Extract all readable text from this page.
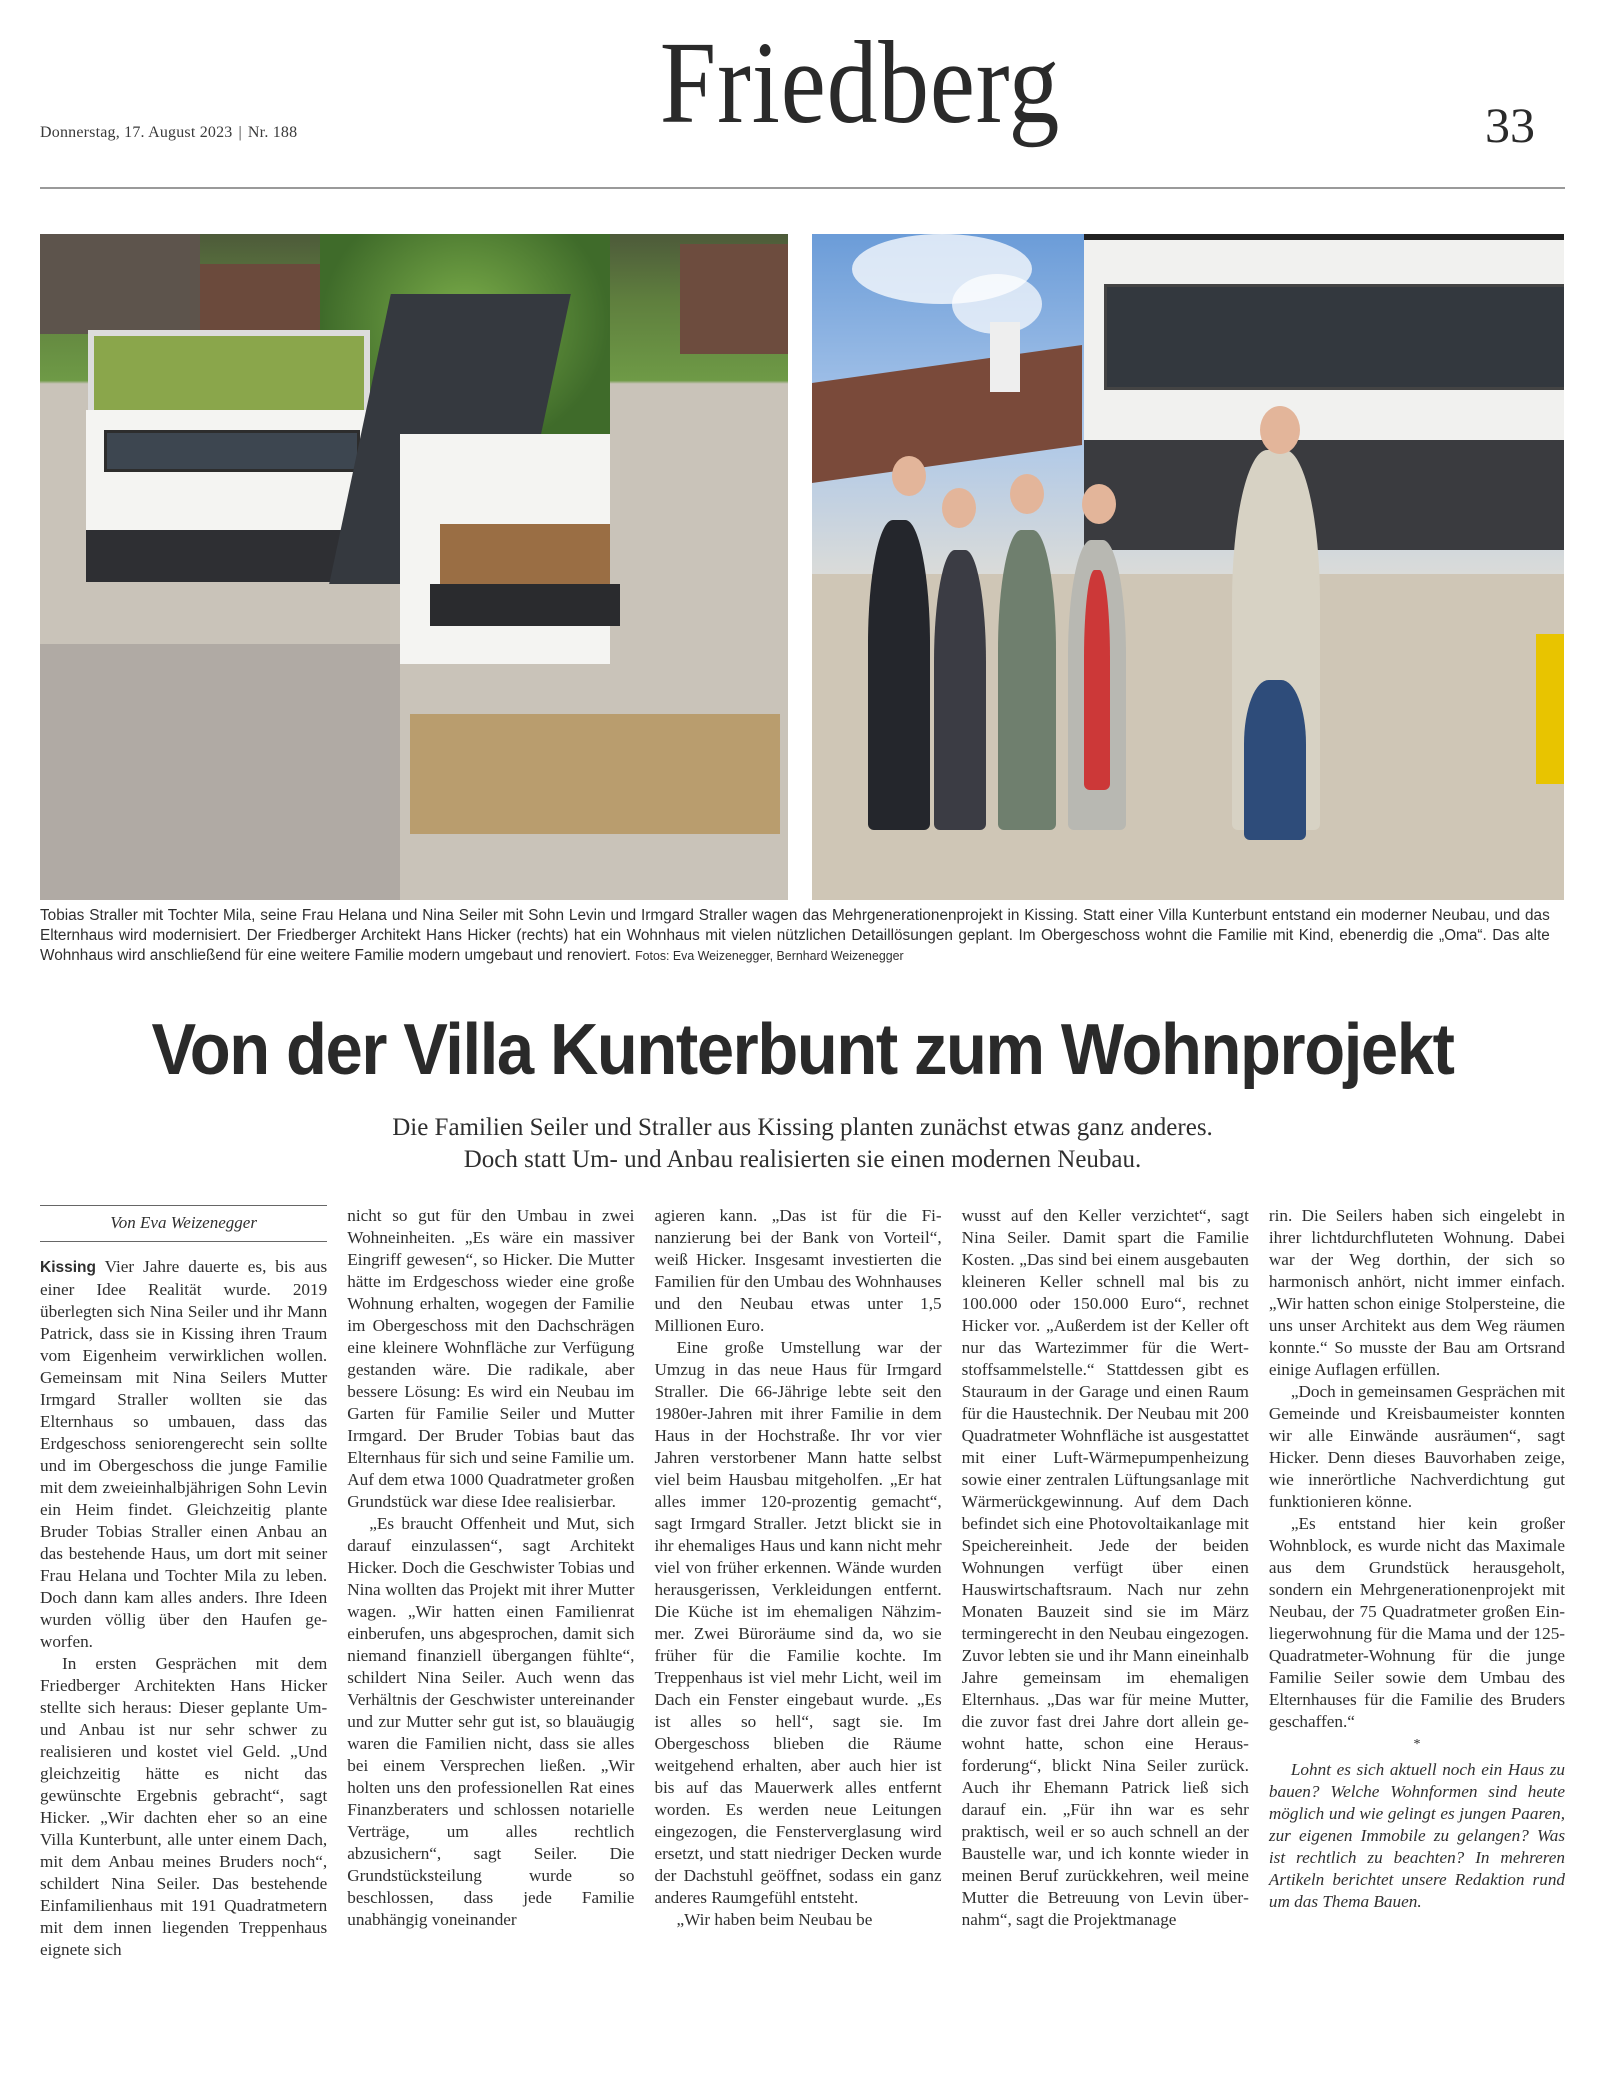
Donnerstag, 17. August 2023 | Nr. 188	Friedberg	33
Tobias Straller mit Tochter Mila, seine Frau Helana und Nina Seiler mit Sohn Levin und Irmgard Straller wagen das Mehrgenerationenprojekt in Kissing. Statt einer Villa Kunterbunt entstand ein moderner Neubau, und das Elternhaus wird modernisiert. Der Friedberger Architekt Hans Hicker (rechts) hat ein Wohnhaus mit vielen nützlichen Detaillösungen geplant. Im Obergeschoss wohnt die Familie mit Kind, ebenerdig die „Oma“. Das alte Wohnhaus wird anschließend für eine weitere Familie modern umgebaut und renoviert. Fotos: Eva Weizenegger, Bernhard Weizenegger
Von der Villa Kunterbunt zum Wohnprojekt
Die Familien Seiler und Straller aus Kissing planten zunächst etwas ganz anderes.
Doch statt Um- und Anbau realisierten sie einen modernen Neubau.
Von Eva Weizenegger

Kissing Vier Jahre dauerte es, bis aus einer Idee Realität wurde. 2019 überlegten sich Nina Seiler und ihr Mann Patrick, dass sie in Kissing ihren Traum vom Eigenheim verwirklichen wollen. Gemeinsam mit Nina Seilers Mutter Irmgard Straller wollten sie das Elternhaus so umbauen, dass das Erdgeschoss seniorengerecht sein sollte und im Obergeschoss die junge Familie mit dem zweieinhalbjährigen Sohn Levin ein Heim findet. Gleichzeitig plante Bruder Tobias Straller einen Anbau an das bestehende Haus, um dort mit seiner Frau Helana und Tochter Mila zu leben. Doch dann kam alles anders. Ihre Ideen wurden völlig über den Haufen geworfen.

In ersten Gesprächen mit dem Friedberger Architekten Hans Hicker stellte sich heraus: Dieser geplante Um- und Anbau ist nur sehr schwer zu realisieren und kostet viel Geld. „Und gleichzeitig hätte es nicht das gewünschte Ergebnis gebracht“, sagt Hicker. „Wir dachten eher so an eine Villa Kunterbunt, alle unter einem Dach, mit dem Anbau meines Bruders noch“, schildert Nina Seiler. Das bestehende Einfamilienhaus mit 191 Quadratmetern mit dem innen liegenden Treppenhaus eignete sich

nicht so gut für den Umbau in zwei Wohneinheiten. „Es wäre ein massiver Eingriff gewesen“, so Hicker. Die Mutter hätte im Erdgeschoss wieder eine große Wohnung erhalten, wogegen der Familie im Obergeschoss mit den Dachschrägen eine kleinere Wohnfläche zur Verfügung gestanden wäre. Die radikale, aber bessere Lösung: Es wird ein Neubau im Garten für Familie Seiler und Mutter Irmgard. Der Bruder Tobias baut das Elternhaus für sich und seine Familie um. Auf dem etwa 1000 Quadratmeter großen Grundstück war diese Idee realisierbar.

„Es braucht Offenheit und Mut, sich darauf einzulassen“, sagt Architekt Hicker. Doch die Geschwister Tobias und Nina wollten das Projekt mit ihrer Mutter wagen. „Wir hatten einen Familienrat einberufen, uns abgesprochen, damit sich niemand finanziell übergangen fühlte“, schildert Nina Seiler. Auch wenn das Verhältnis der Geschwister untereinander und zur Mutter sehr gut ist, so blauäugig waren die Familien nicht, dass sie alles bei einem Versprechen ließen. „Wir holten uns den professionellen Rat eines Finanzberaters und schlossen notarielle Verträge, um alles rechtlich abzusichern“, sagt Seiler. Die Grundstücksteilung wurde so beschlossen, dass jede Familie unabhängig voneinander

agieren kann. „Das ist für die Finanzierung bei der Bank von Vorteil“, weiß Hicker. Insgesamt investierten die Familien für den Umbau des Wohnhauses und den Neubau etwas unter 1,5 Millionen Euro.

Eine große Umstellung war der Umzug in das neue Haus für Irmgard Straller. Die 66-Jährige lebte seit den 1980er-Jahren mit ihrer Familie in dem Haus in der Hochstraße. Ihr vor vier Jahren verstorbener Mann hatte selbst viel beim Hausbau mitgeholfen. „Er hat alles immer 120-prozentig gemacht“, sagt Irmgard Straller. Jetzt blickt sie in ihr ehemaliges Haus und kann nicht mehr viel von früher erkennen. Wände wurden herausgerissen, Verkleidungen entfernt. Die Küche ist im ehemaligen Nähzimmer. Zwei Büroräume sind da, wo sie früher für die Familie kochte. Im Treppenhaus ist viel mehr Licht, weil im Dach ein Fenster eingebaut wurde. „Es ist alles so hell“, sagt sie. Im Obergeschoss blieben die Räume weitgehend erhalten, aber auch hier ist bis auf das Mauerwerk alles entfernt worden. Es werden neue Leitungen eingezogen, die Fensterverglasung wird ersetzt, und statt niedriger Decken wurde der Dachstuhl geöffnet, sodass ein ganz anderes Raumgefühl entsteht.

„Wir haben beim Neubau be

wusst auf den Keller verzichtet“, sagt Nina Seiler. Damit spart die Familie Kosten. „Das sind bei einem ausgebauten kleineren Keller schnell mal bis zu 100.000 oder 150.000 Euro“, rechnet Hicker vor. „Außerdem ist der Keller oft nur das Wartezimmer für die Wertstoffsammelstelle.“ Stattdessen gibt es Stauraum in der Garage und einen Raum für die Haustechnik. Der Neubau mit 200 Quadratmeter Wohnfläche ist ausgestattet mit einer Luft-Wärmepumpenheizung sowie einer zentralen Lüftungsanlage mit Wärmerückgewinnung. Auf dem Dach befindet sich eine Photovoltaikanlage mit Speichereinheit. Jede der beiden Wohnungen verfügt über einen Hauswirtschaftsraum. Nach nur zehn Monaten Bauzeit sind sie im März termingerecht in den Neubau eingezogen. Zuvor lebten sie und ihr Mann eineinhalb Jahre gemeinsam im ehemaligen Elternhaus. „Das war für meine Mutter, die zuvor fast drei Jahre dort allein gewohnt hatte, schon eine Herausforderung“, blickt Nina Seiler zurück. Auch ihr Ehemann Patrick ließ sich darauf ein. „Für ihn war es sehr praktisch, weil er so auch schnell an der Baustelle war, und ich konnte wieder in meinen Beruf zurückkehren, weil meine Mutter die Betreuung von Levin übernahm“, sagt die Projektmanage

rin. Die Seilers haben sich eingelebt in ihrer lichtdurchfluteten Wohnung. Dabei war der Weg dorthin, der sich so harmonisch anhört, nicht immer einfach. „Wir hatten schon einige Stolpersteine, die uns unser Architekt aus dem Weg räumen konnte.“ So musste der Bau am Ortsrand einige Auflagen erfüllen.

„Doch in gemeinsamen Gesprächen mit Gemeinde und Kreisbaumeister konnten wir alle Einwände ausräumen“, sagt Hicker. Denn dieses Bauvorhaben zeige, wie innerörtliche Nachverdichtung gut funktionieren könne.

„Es entstand hier kein großer Wohnblock, es wurde nicht das Maximale aus dem Grundstück herausgeholt, sondern ein Mehrgenerationenprojekt mit Neubau, der 75 Quadratmeter großen Einliegerwohnung für die Mama und der 125-Quadratmeter-Wohnung für die junge Familie Seiler sowie dem Umbau des Elternhauses für die Familie des Bruders geschaffen.“

*

Lohnt es sich aktuell noch ein Haus zu bauen? Welche Wohnformen sind heute möglich und wie gelingt es jungen Paaren, zur eigenen Immobile zu gelangen? Was ist rechtlich zu beachten? In mehreren Artikeln berichtet unsere Redaktion rund um das Thema Bauen.
